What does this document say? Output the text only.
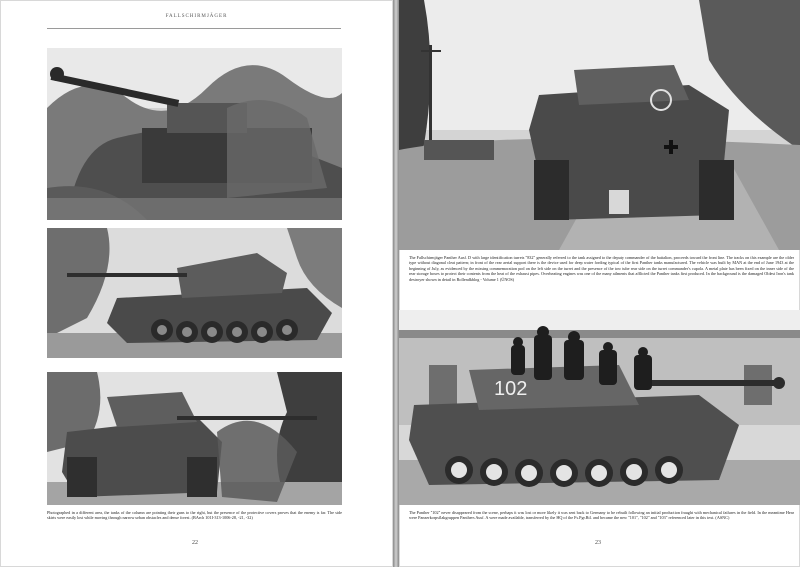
FALLSCHIRMJÄGER

Photographed in a different area, the tanks of the column are pointing their guns to the right, but the presence of the protective covers proves that the enemy is far. The side skirts were easily lost while moving through narrow urban obstacles and dense forest. (BArch 101I-313-1006-28, -21, -32)

22

The Fallschirmjäger Panther Ausf. D with large identification turrets "832" generally referred to the tank assigned to the deputy commander of the battalion, proceeds toward the front line. The tracks on this example are the older type without diagonal cleat pattern; in front of the rear aerial support there is the device used for deep water fording typical of the first Panther tanks manufactured. The vehicle was built by MAN at the end of June 1943 at the beginning of July, as evidenced by the missing commemoration pod on the left side on the turret and the presence of the tow tube rear side on the turret commander's cupola. A metal plate has been fixed on the inner side of the rear storage boxes to protect their contents from the heat of the exhaust pipes. Overheating engines was one of the many ailments that afflicted the Panther tanks first produced. In the background is the damaged Oldest Iron's tank destroyer shown in detail in Rollendkblog - Volume 1 (ÜNOS)

102

The Panther "102" never disappeared from the scene, perhaps it was lost or more likely it was sent back to Germany to be rebuilt following an initial production fraught with mechanical failures in the field. In the meantime Hear were Panzerkorpsflakgruppen Panthers Ausf. A were made available, transferred by the HQ of the Fs.Pgr.Rtl. and became the new "101", "102" and "103" referenced later in this text. (ASNC)

23
